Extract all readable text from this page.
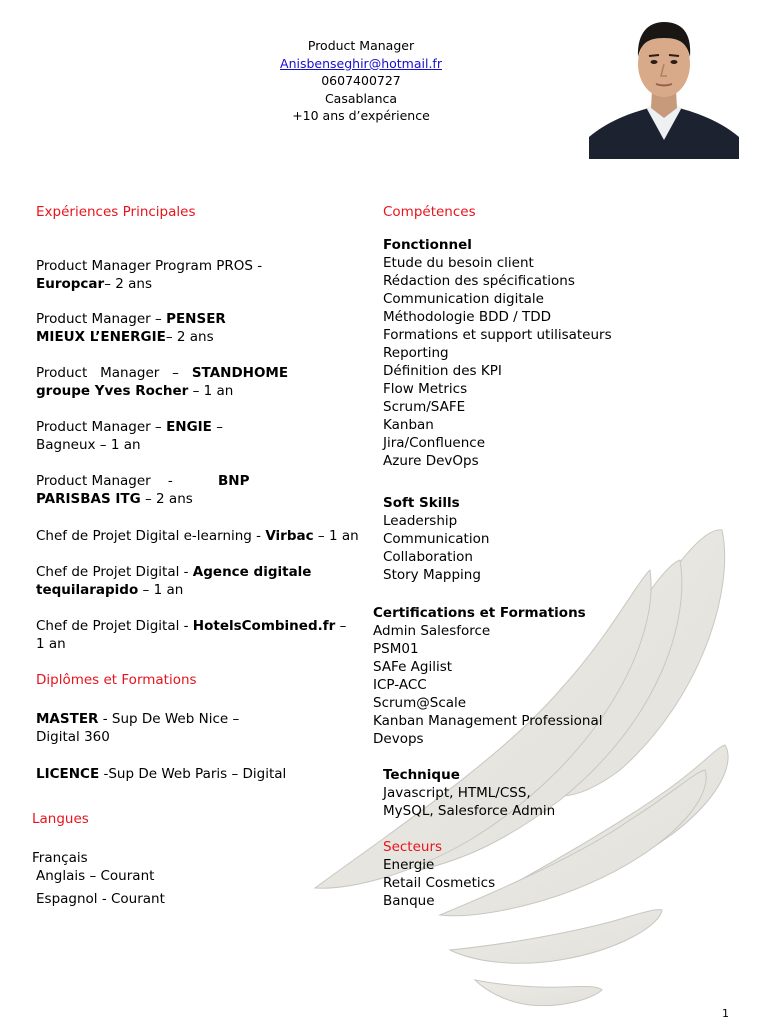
Product Manager
Anisbenseghir@hotmail.fr
0607400727
Casablanca
+10 ans d’expérience
Expériences Principales
Product Manager Program PROS -
Europcar– 2 ans
Product Manager – PENSER
MIEUX L’ENERGIE– 2 ans
Product   Manager   –   STANDHOME
groupe Yves Rocher – 1 an
Product Manager – ENGIE –
Bagneux – 1 an
Product Manager    -	BNP
PARISBAS ITG – 2 ans
Chef de Projet Digital e-learning - Virbac – 1 an
Chef de Projet Digital - Agence digitale
tequilarapido – 1 an
Chef de Projet Digital - HotelsCombined.fr –
1 an
Diplômes et Formations
MASTER - Sup De Web Nice –
Digital 360
LICENCE -Sup De Web Paris – Digital
Langues
Français
Anglais – Courant
Espagnol - Courant
Compétences
Fonctionnel
Etude du besoin client
Rédaction des spécifications
Communication digitale
Méthodologie BDD / TDD
Formations et support utilisateurs
Reporting
Définition des KPI
Flow Metrics
Scrum/SAFE
Kanban
Jira/Confluence
Azure DevOps
Soft Skills
Leadership
Communication
Collaboration
Story Mapping
Certifications et Formations
Admin Salesforce
PSM01
SAFe Agilist
ICP-ACC
Scrum@Scale
Kanban Management Professional
Devops
Technique
Javascript, HTML/CSS,
MySQL, Salesforce Admin
Secteurs
Energie
Retail Cosmetics
Banque
1
